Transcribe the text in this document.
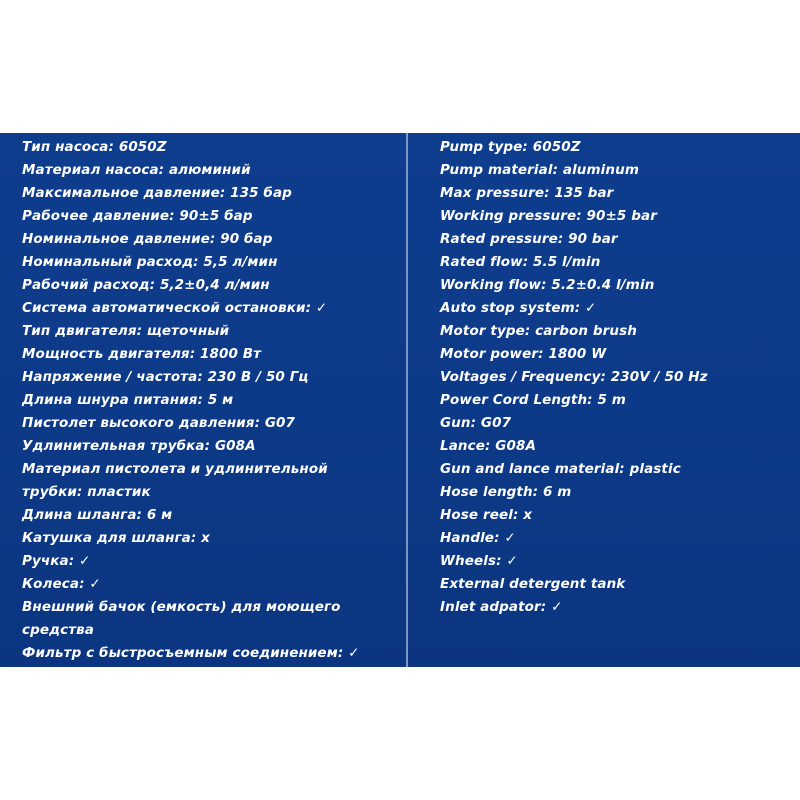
Тип насоса: 6050Z
Материал насоса: алюминий
Максимальное давление: 135 бар
Рабочее давление: 90±5 бар
Номинальное давление: 90 бар
Номинальный расход: 5,5 л/мин
Рабочий расход: 5,2±0,4 л/мин
Система автоматической остановки: ✓
Тип двигателя: щеточный
Мощность двигателя: 1800 Вт
Напряжение / частота: 230 В / 50 Гц
Длина шнура питания: 5 м
Пистолет высокого давления: G07
Удлинительная трубка: G08A
Материал пистолета и удлинительной трубки: пластик
Длина шланга: 6 м
Катушка для шланга: х
Ручка: ✓
Колеса: ✓
Внешний бачок (емкость) для моющего средства
Фильтр с быстросъемным соединением: ✓
Pump type: 6050Z
Pump material: aluminum
Max pressure: 135 bar
Working pressure: 90±5 bar
Rated pressure: 90 bar
Rated flow: 5.5 l/min
Working flow: 5.2±0.4 l/min
Auto stop system: ✓
Motor type: carbon brush
Motor power: 1800 W
Voltages / Frequency: 230V / 50 Hz
Power Cord Length: 5 m
Gun: G07
Lance: G08A
Gun and lance material: plastic
Hose length: 6 m
Hose reel: x
Handle: ✓
Wheels: ✓
External detergent tank
Inlet adpator: ✓
